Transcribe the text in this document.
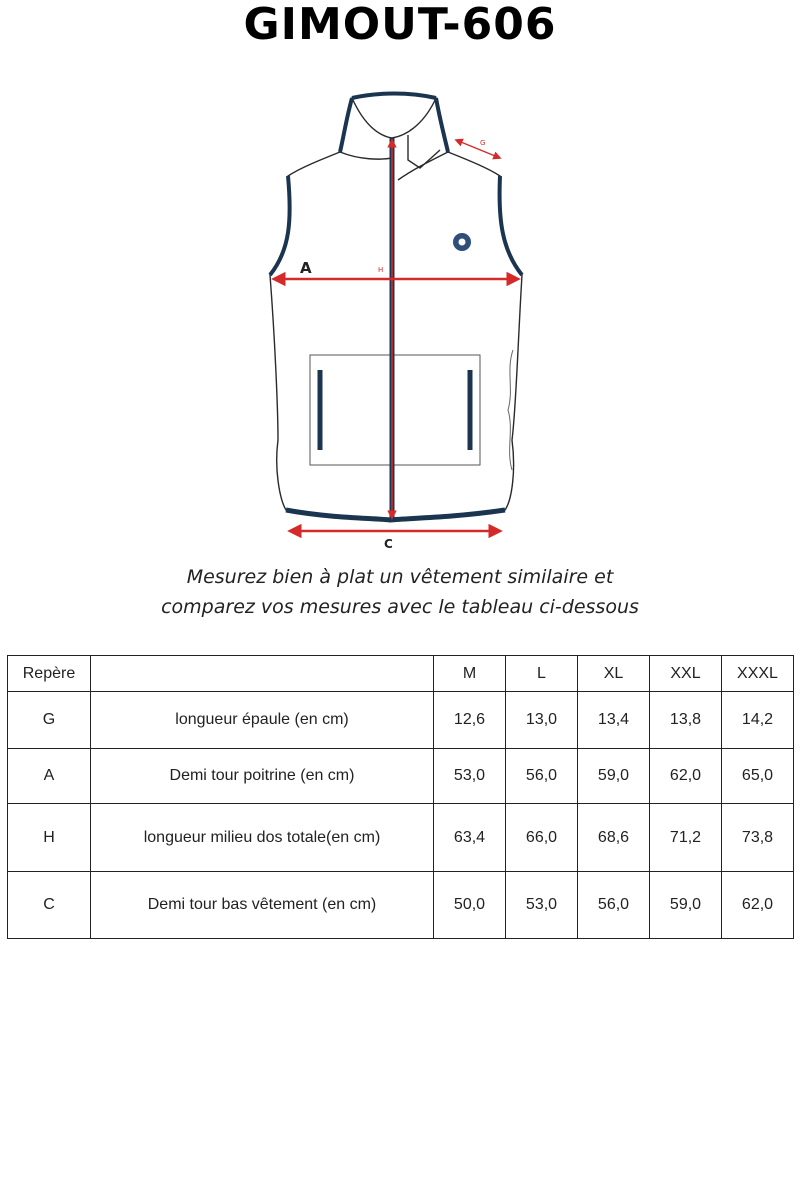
GIMOUT-606
A	H
G
C
Mesurez bien à plat un vêtement similaire et
comparez vos mesures avec le tableau ci-dessous
Repère		M	L	XL	XXL	XXXL
G	longueur épaule (en cm)	12,6	13,0	13,4	13,8	14,2
A	Demi tour poitrine (en cm)	53,0	56,0	59,0	62,0	65,0
H	longueur milieu dos totale(en cm)	63,4	66,0	68,6	71,2	73,8
C	Demi tour bas vêtement (en cm)	50,0	53,0	56,0	59,0	62,0
